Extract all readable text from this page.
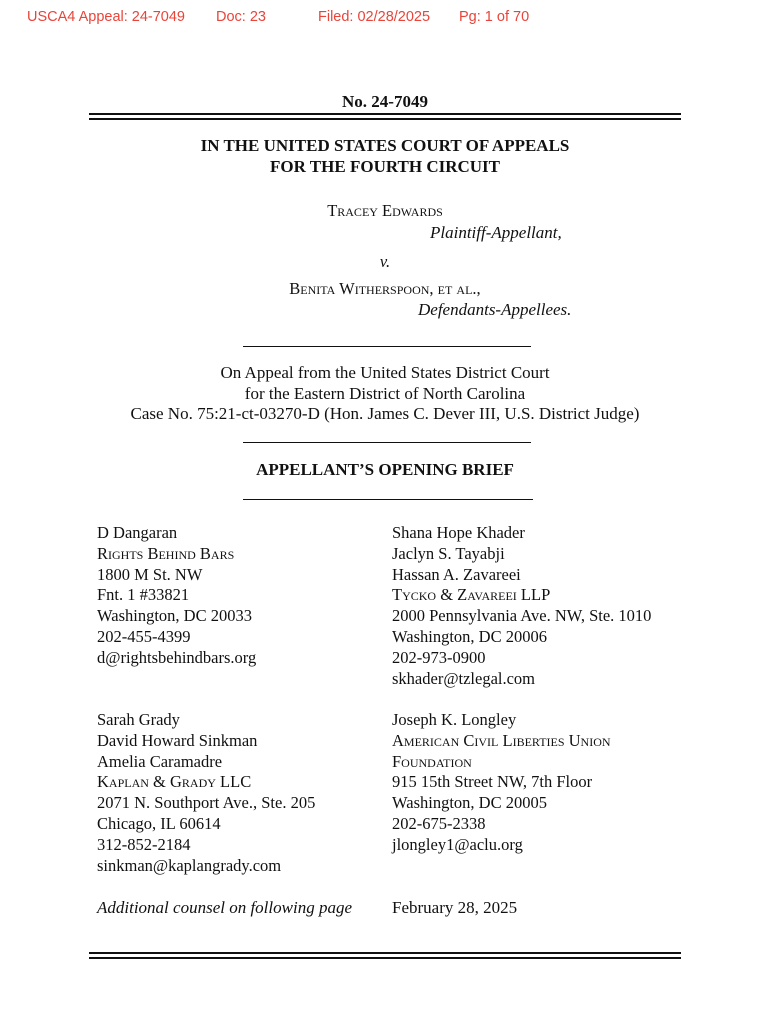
USCA4 Appeal: 24-7049 Doc: 23	Filed: 02/28/2025 Pg: 1 of 70
No. 24-7049
IN THE UNITED STATES COURT OF APPEALS
FOR THE FOURTH CIRCUIT
Tracey Edwards
Plaintiff-Appellant,
v.
Benita Witherspoon, et al.,
Defendants-Appellees.
On Appeal from the United States District Court
for the Eastern District of North Carolina
Case No. 75:21-ct-03270-D (Hon. James C. Dever III, U.S. District Judge)
APPELLANT’S OPENING BRIEF
D Dangaran
Rights Behind Bars
1800 M St. NW
Fnt. 1 #33821
Washington, DC 20033
202-455-4399
d@rightsbehindbars.org
Shana Hope Khader
Jaclyn S. Tayabji
Hassan A. Zavareei
Tycko & Zavareei LLP
2000 Pennsylvania Ave. NW, Ste. 1010
Washington, DC 20006
202-973-0900
skhader@tzlegal.com
Sarah Grady
David Howard Sinkman
Amelia Caramadre
Kaplan & Grady LLC
2071 N. Southport Ave., Ste. 205
Chicago, IL 60614
312-852-2184
sinkman@kaplangrady.com
Joseph K. Longley
American Civil Liberties Union
Foundation
915 15th Street NW, 7th Floor
Washington, DC 20005
202-675-2338
jlongley1@aclu.org
Additional counsel on following page February 28, 2025
